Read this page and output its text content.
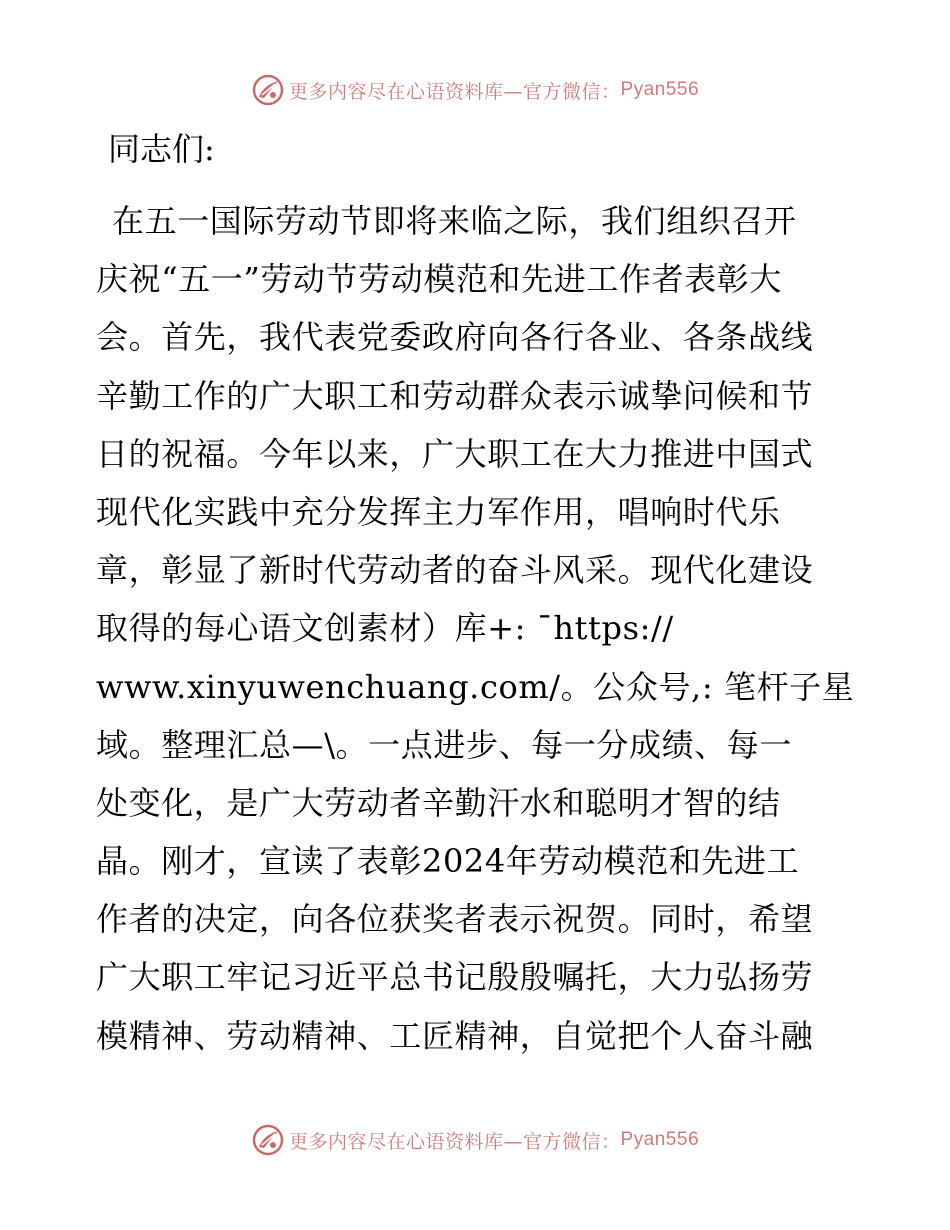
更多内容尽在心语资料库—官方微信： Pyan556
同志们:
在五一国际劳动节即将来临之际，我们组织召开
庆祝“五一”劳动节劳动模范和先进工作者表彰大
会。首先，我代表党委政府向各行各业、各条战线
辛勤工作的广大职工和劳动群众表示诚挚问候和节
日的祝福。今年以来，广大职工在大力推进中国式
现代化实践中充分发挥主力军作用，唱响时代乐
章，彰显了新时代劳动者的奋斗风采。现代化建设
取得的每心语文创素材）库+: ¯https://
www.xinyuwenchuang.com/。公众号,: 笔杆子星
域。整理汇总—\。一点进步、每一分成绩、每一
处变化，是广大劳动者辛勤汗水和聪明才智的结
晶。刚才，宣读了表彰2024年劳动模范和先进工
作者的决定，向各位获奖者表示祝贺。同时，希望
广大职工牢记习近平总书记殷殷嘱托，大力弘扬劳
模精神、劳动精神、工匠精神，自觉把个人奋斗融
更多内容尽在心语资料库—官方微信： Pyan556
